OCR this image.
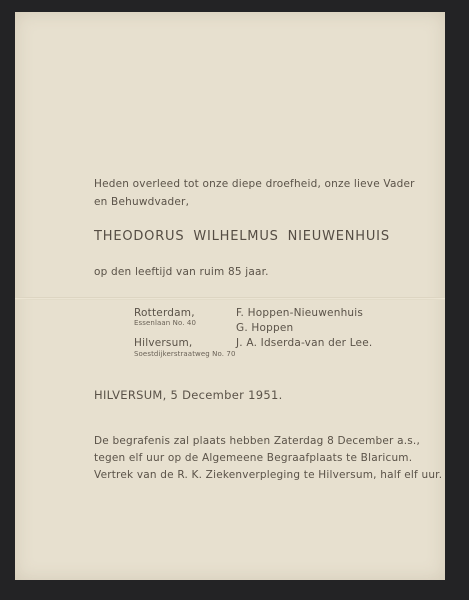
Heden overleed tot onze diepe droefheid, onze lieve Vader
en Behuwdvader,
THEODORUS WILHELMUS NIEUWENHUIS
op den leeftijd van ruim 85 jaar.
Rotterdam,
Essenlaan No. 40
Hilversum,
Soestdijkerstraatweg No. 70
F. Hoppen-Nieuwenhuis
G. Hoppen
J. A. Idserda-van der Lee.
HILVERSUM, 5 December 1951.
De begrafenis zal plaats hebben Zaterdag 8 December a.s.,
tegen elf uur op de Algemeene Begraafplaats te Blaricum.
Vertrek van de R. K. Ziekenverpleging te Hilversum, half elf uur.
